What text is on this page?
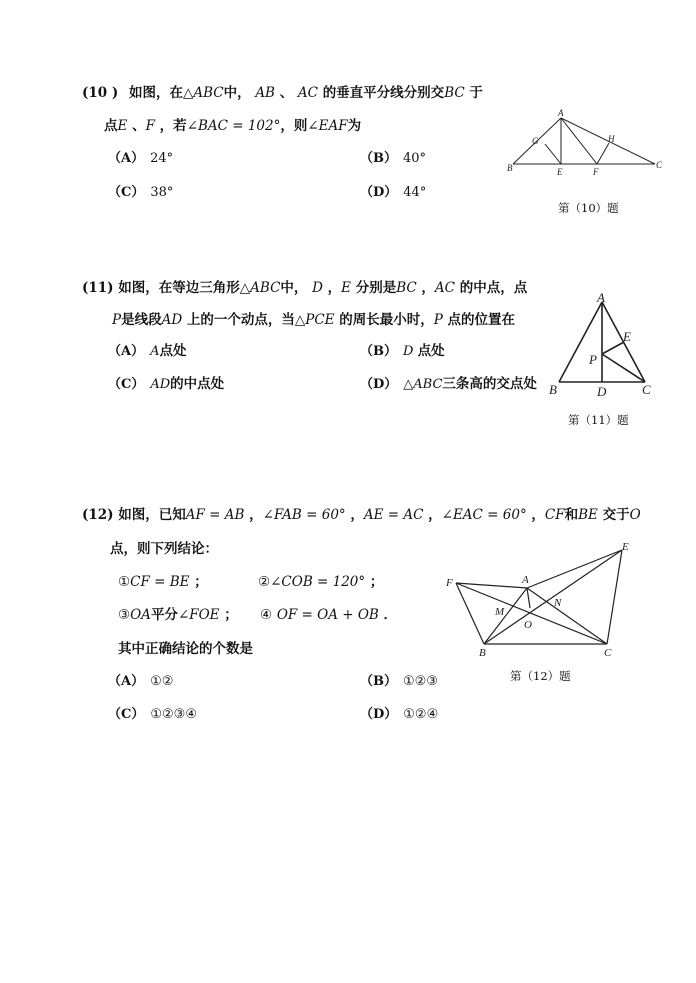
(10 ) 如图，在△ABC中， AB 、 AC 的垂直平分线分别交BC 于
点E 、F ，若∠BAC = 102°，则∠EAF为
（A） 24°	（B） 40°
（C） 38°	（D） 44°
A
G	H
B	E	F
C
第（10）题
(11) 如图，在等边三角形△ABC中， D ，E 分别是BC ，AC 的中点，点
P是线段AD 上的一个动点，当△PCE 的周长最小时，P 点的位置在
（A） A点处	（B） D 点处
（C） AD的中点处	（D） △ABC三条高的交点处
A
E
P
B	D	C
第（11）题
(12) 如图，已知AF = AB ，∠FAB = 60° ，AE = AC ，∠EAC = 60° ，CF和BE 交于O
点，则下列结论：
①CF = BE ；	②∠COB = 120° ；
③OA平分∠FOE ； ④ OF = OA + OB ．
其中正确结论的个数是
（A） ①②	（B） ①②③
（C） ①②③④	（D） ①②④
E
F	A
M
N
O
B	C
第（12）题
